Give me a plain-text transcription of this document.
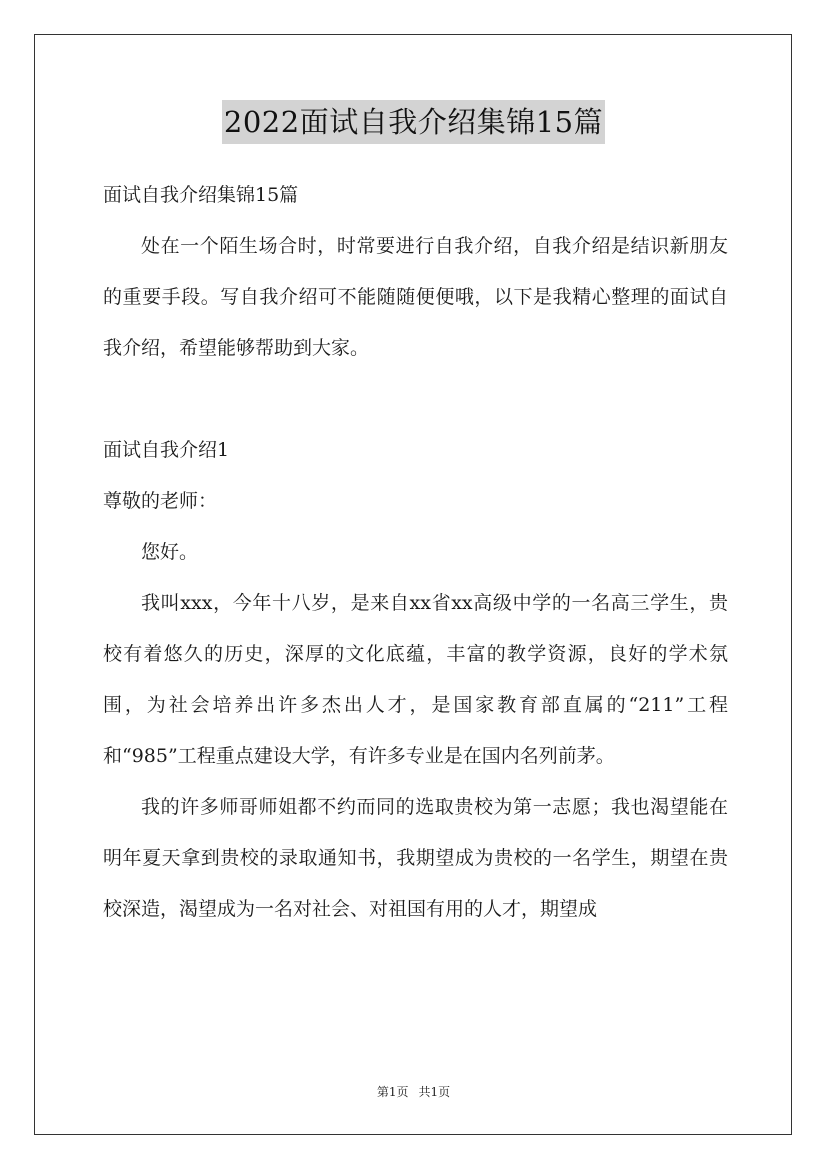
2022面试自我介绍集锦15篇

面试自我介绍集锦15篇

处在一个陌生场合时，时常要进行自我介绍，自我介绍是结识新朋友的重要手段。写自我介绍可不能随随便便哦，以下是我精心整理的面试自我介绍，希望能够帮助到大家。

面试自我介绍1

尊敬的老师：

您好。

我叫xxx，今年十八岁，是来自xx省xx高级中学的一名高三学生，贵校有着悠久的历史，深厚的文化底蕴，丰富的教学资源，良好的学术氛围，为社会培养出许多杰出人才，是国家教育部直属的“211”工程和“985”工程重点建设大学，有许多专业是在国内名列前茅。

我的许多师哥师姐都不约而同的选取贵校为第一志愿；我也渴望能在明年夏天拿到贵校的录取通知书，我期望成为贵校的一名学生，期望在贵校深造，渴望成为一名对社会、对祖国有用的人才，期望成

第1页 共1页
